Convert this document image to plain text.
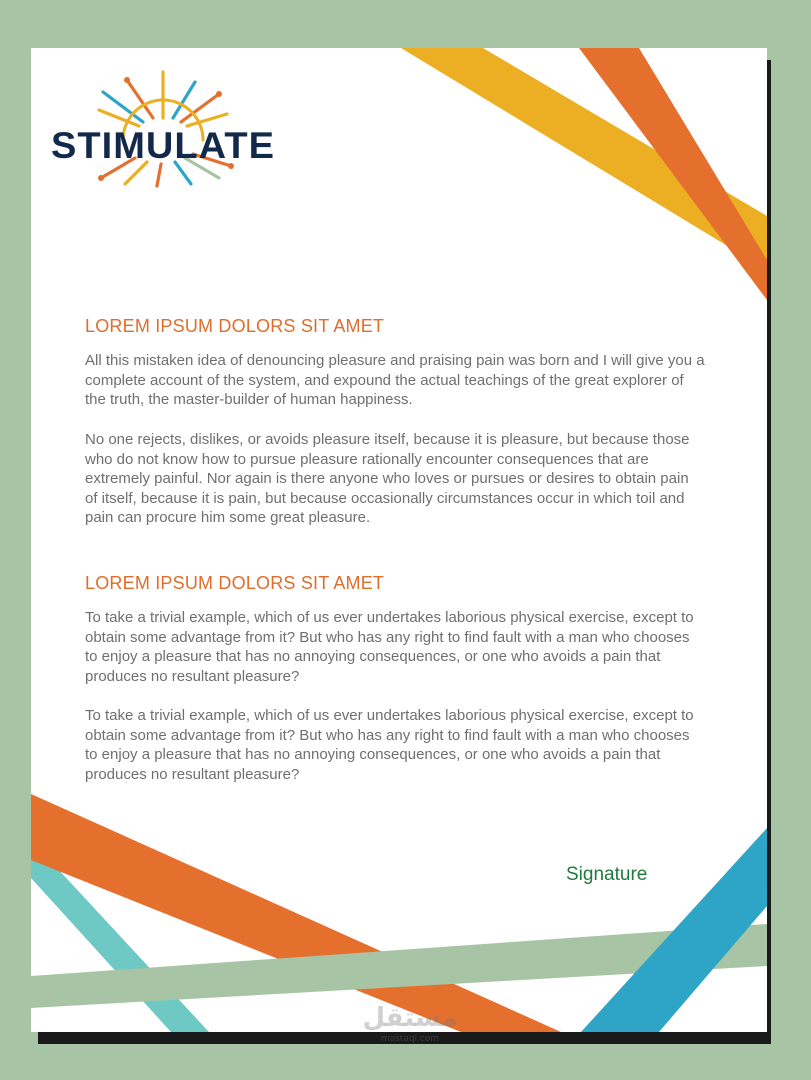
STIMULATE
LOREM IPSUM DOLORS SIT AMET

All this mistaken idea of denouncing pleasure and praising pain was born and I will give you a complete account of the system, and expound the actual teachings of the great explorer of the truth, the master-builder of human happiness.

No one rejects, dislikes, or avoids pleasure itself, because it is pleasure, but because those who do not know how to pursue pleasure rationally encounter consequences that are extremely painful. Nor again is there anyone who loves or pursues or desires to obtain pain of itself, because it is pain, but because occasionally circumstances occur in which toil and pain can procure him some great pleasure.

LOREM IPSUM DOLORS SIT AMET

To take a trivial example, which of us ever undertakes laborious physical exercise, except to obtain some advantage from it? But who has any right to find fault with a man who chooses to enjoy a pleasure that has no annoying consequences, or one who avoids a pain that produces no resultant pleasure?

To take a trivial example, which of us ever undertakes laborious physical exercise, except to obtain some advantage from it? But who has any right to find fault with a man who chooses to enjoy a pleasure that has no annoying consequences, or one who avoids a pain that produces no resultant pleasure?

Signature
مستقل
mostaql.com
